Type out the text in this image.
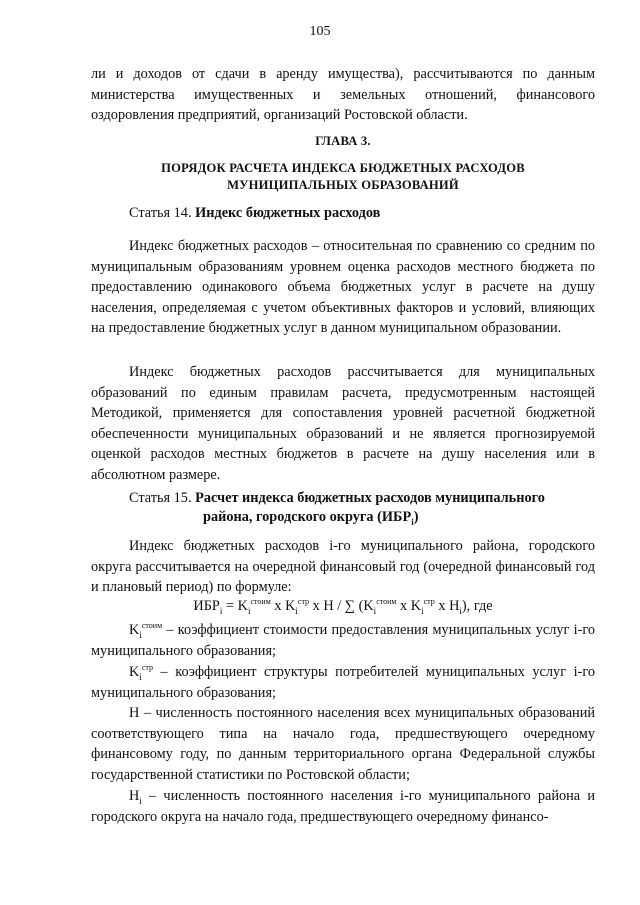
105

ли и доходов от сдачи в аренду имущества), рассчитываются по данным министерства имущественных и земельных отношений, финансового оздоровления предприятий, организаций Ростовской области.

ГЛАВА 3.
ПОРЯДОК РАСЧЕТА ИНДЕКСА БЮДЖЕТНЫХ РАСХОДОВ
МУНИЦИПАЛЬНЫХ ОБРАЗОВАНИЙ
Статья 14. Индекс бюджетных расходов

Индекс бюджетных расходов – относительная по сравнению со средним по муниципальным образованиям уровнем оценка расходов местного бюджета по предоставлению одинакового объема бюджетных услуг в расчете на душу населения, определяемая с учетом объективных факторов и условий, влияющих на предоставление бюджетных услуг в данном муниципальном образовании.

Индекс бюджетных расходов рассчитывается для муниципальных образований по единым правилам расчета, предусмотренным настоящей Методикой, применяется для сопоставления уровней расчетной бюджетной обеспеченности муниципальных образований и не является прогнозируемой оценкой расходов местных бюджетов в расчете на душу населения или в абсолютном размере.

Статья 15. Расчет индекса бюджетных расходов муниципального
района, городского округа $(ИБР_i)$

Индекс бюджетных расходов i-го муниципального района, городского округа рассчитывается на очередной финансовый год (очередной финансовый год и плановый период) по формуле:

$ИБР_i = K_i^{стоим}$ х $K_i^{стр}$ х Н / ∑ ($K_i^{стоим}$ х $K_i^{стр}$ х $Н_i$), где

$K_i^{стоим}$ – коэффициент стоимости предоставления муниципальных услуг i-го муниципального образования;

$K_i^{стр}$ – коэффициент структуры потребителей муниципальных услуг i-го муниципального образования;

Н – численность постоянного населения всех муниципальных образований соответствующего типа на начало года, предшествующего очередному финансовому году, по данным территориального органа Федеральной службы государственной статистики по Ростовской области;

$Н_i$ – численность постоянного населения i-го муниципального района и городского округа на начало года, предшествующего очередному финансо-
